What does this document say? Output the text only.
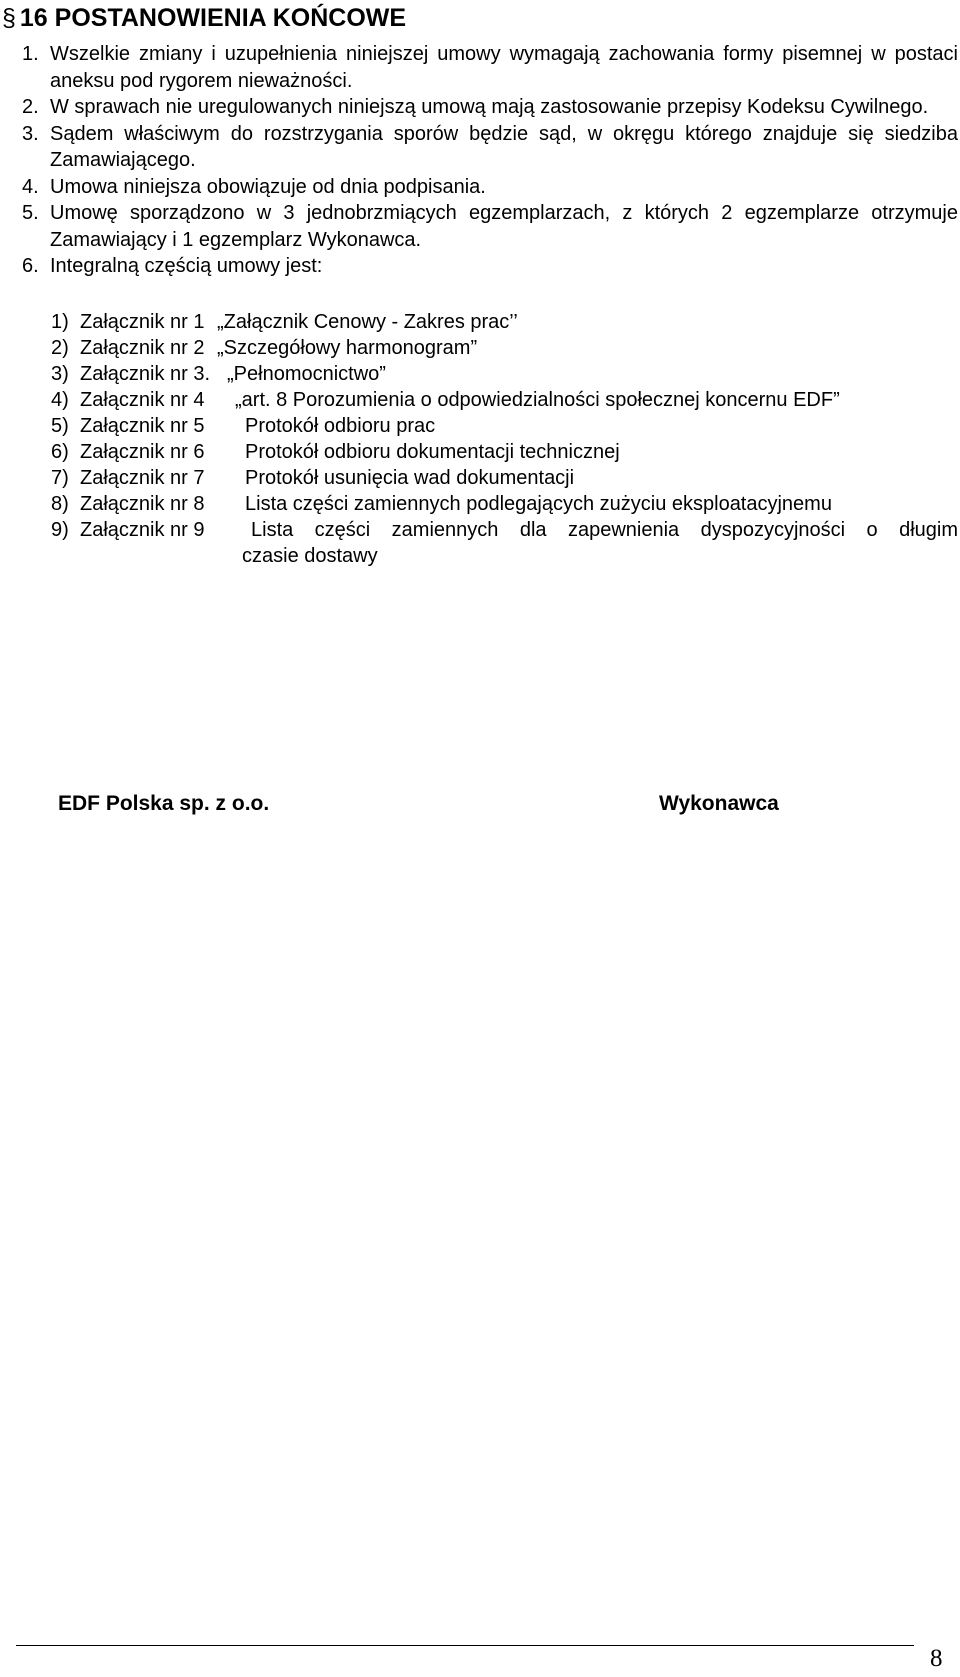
§ 16 POSTANOWIENIA KOŃCOWE
1. Wszelkie zmiany i uzupełnienia niniejszej umowy wymagają zachowania formy pisemnej w postaci aneksu pod rygorem nieważności.
2. W sprawach nie uregulowanych niniejszą umową mają zastosowanie przepisy Kodeksu Cywilnego.
3. Sądem właściwym do rozstrzygania sporów będzie sąd, w okręgu którego znajduje się siedziba Zamawiającego.
4. Umowa niniejsza obowiązuje od dnia podpisania.
5. Umowę sporządzono w 3 jednobrzmiących egzemplarzach, z których 2 egzemplarze otrzymuje Zamawiający i 1 egzemplarz Wykonawca.
6. Integralną częścią umowy jest:
1) Załącznik nr 1 „Załącznik Cenowy - Zakres prac’’
2) Załącznik nr 2 „Szczegółowy harmonogram”
3) Załącznik nr 3. „Pełnomocnictwo”
4) Załącznik nr 4 „art. 8 Porozumienia o odpowiedzialności społecznej koncernu EDF”
5) Załącznik nr 5 Protokół odbioru prac
6) Załącznik nr 6 Protokół odbioru dokumentacji technicznej
7) Załącznik nr 7 Protokół usunięcia wad dokumentacji
8) Załącznik nr 8 Lista części zamiennych podlegających zużyciu eksploatacyjnemu
9) Załącznik nr 9 Lista części zamiennych dla zapewnienia dyspozycyjności o długim
czasie dostawy
EDF Polska sp. z o.o.	Wykonawca
8
